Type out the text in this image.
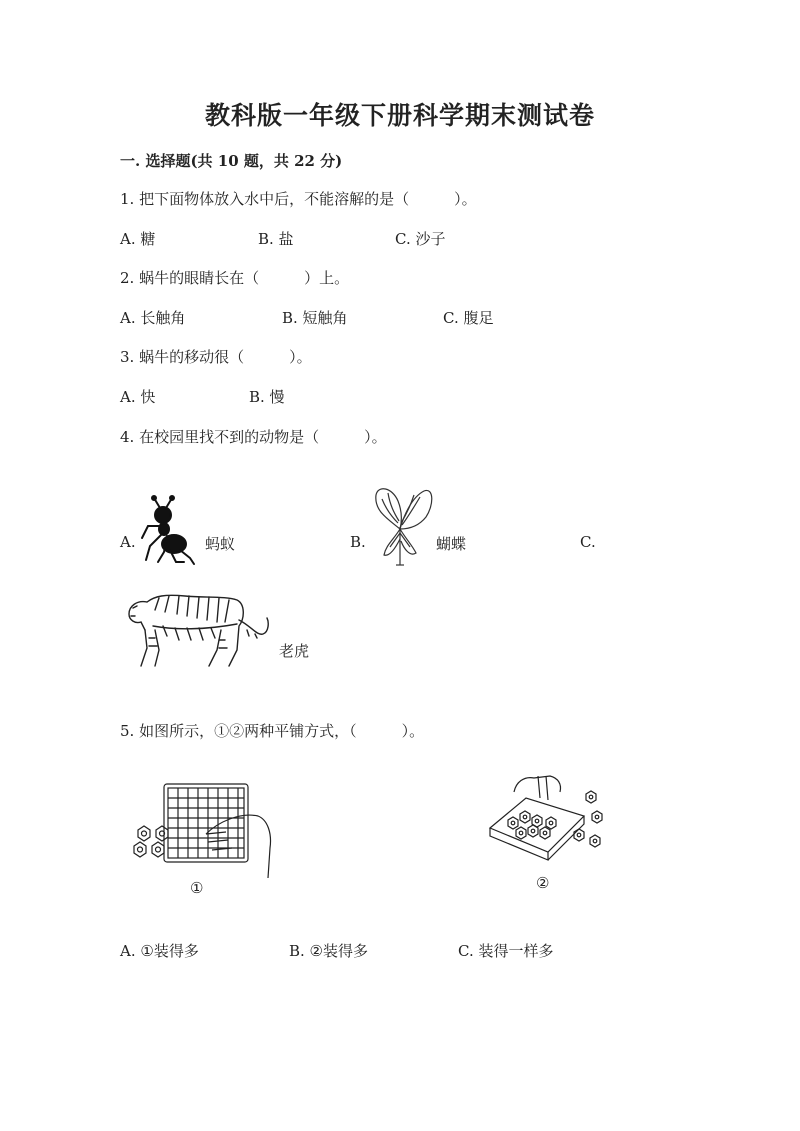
教科版一年级下册科学期末测试卷
一. 选择题(共 10 题，共 22 分)
1. 把下面物体放入水中后，不能溶解的是（　　　）。
A. 糖	B. 盐	C. 沙子
2. 蜗牛的眼睛长在（　　　）上。
A. 长触角	B. 短触角	C. 腹足
3. 蜗牛的移动很（　　　）。
A. 快	B. 慢
4. 在校园里找不到的动物是（　　　）。
A.	蚂蚁	B.	蝴蝶	C.
老虎
5. 如图所示，①②两种平铺方式，（　　　）。
①	②
A. ①装得多	B. ②装得多	C. 装得一样多
